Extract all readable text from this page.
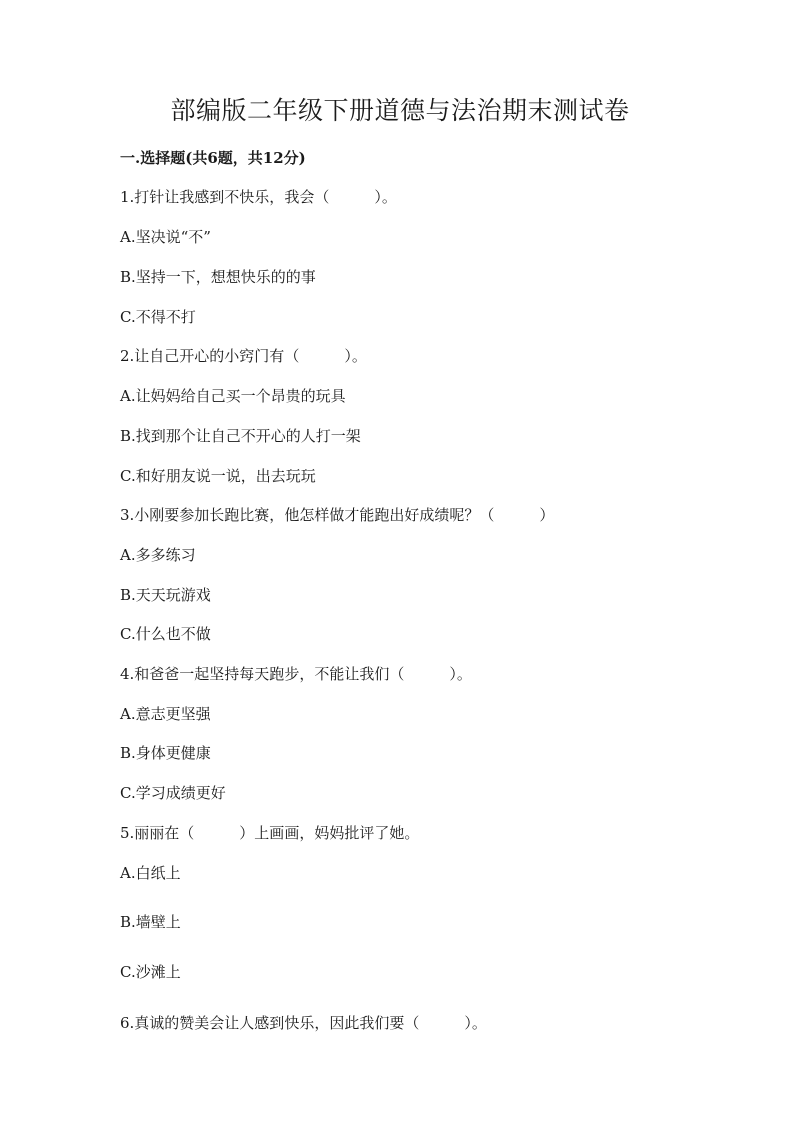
部编版二年级下册道德与法治期末测试卷
一.选择题(共6题，共12分)
1.打针让我感到不快乐，我会（　　　）。
A.坚决说“不”
B.坚持一下，想想快乐的的事
C.不得不打
2.让自己开心的小窍门有（　　　）。
A.让妈妈给自己买一个昂贵的玩具
B.找到那个让自己不开心的人打一架
C.和好朋友说一说，出去玩玩
3.小刚要参加长跑比赛，他怎样做才能跑出好成绩呢？（　　　）
A.多多练习
B.天天玩游戏
C.什么也不做
4.和爸爸一起坚持每天跑步，不能让我们（　　　）。
A.意志更坚强
B.身体更健康
C.学习成绩更好
5.丽丽在（　　　）上画画，妈妈批评了她。
A.白纸上
B.墙壁上
C.沙滩上
6.真诚的赞美会让人感到快乐，因此我们要（　　　）。
